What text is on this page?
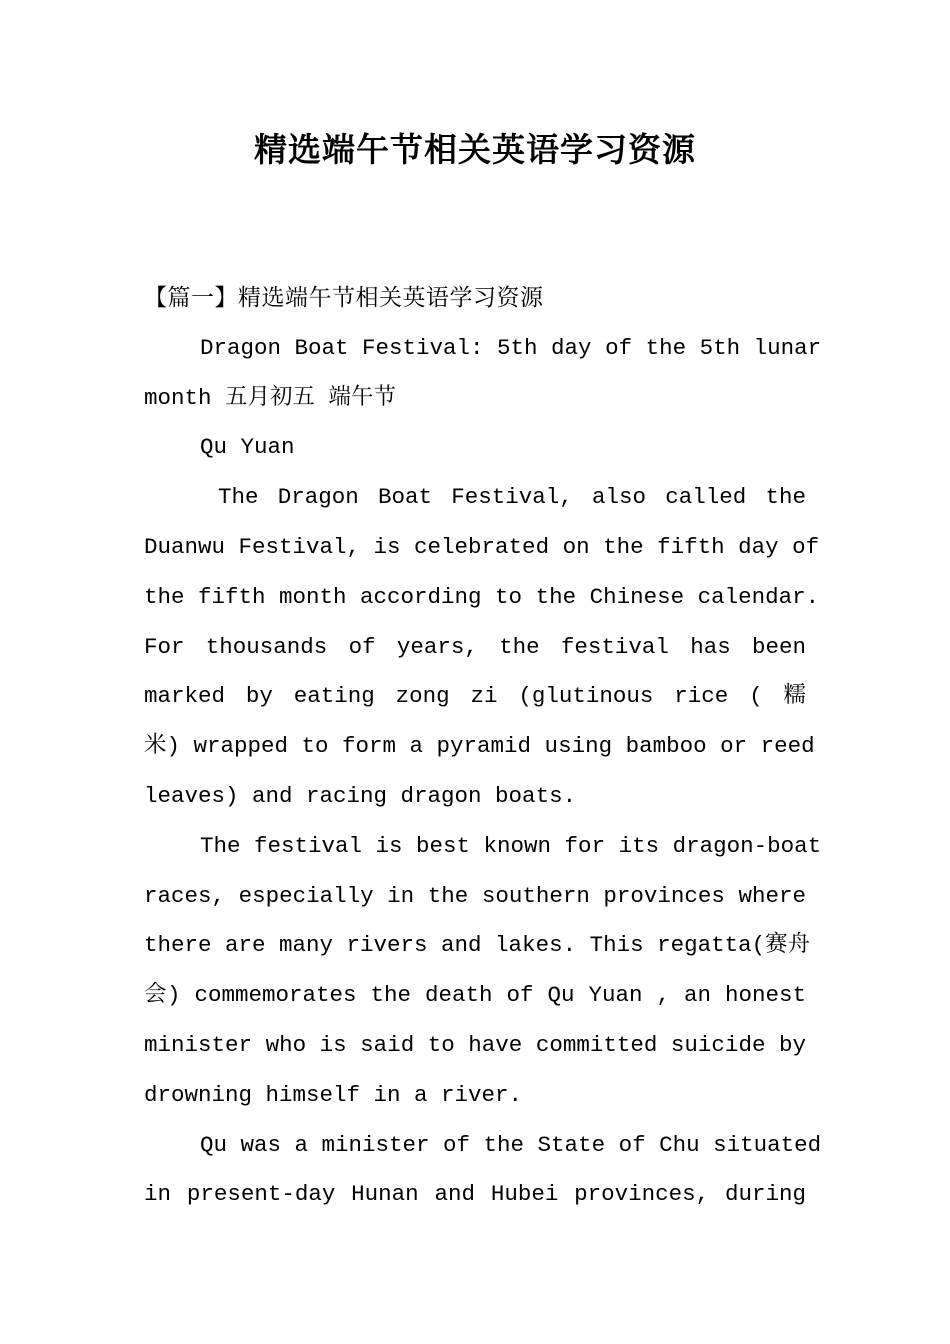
精选端午节相关英语学习资源
【篇一】精选端午节相关英语学习资源
Dragon Boat Festival: 5th day of the 5th lunar
month 五月初五 端午节
Qu Yuan
The Dragon Boat Festival, also called the
Duanwu Festival, is celebrated on the fifth day of
the fifth month according to the Chinese calendar.
For thousands of years, the festival has been
marked by eating zong zi (glutinous rice ( 糯
米) wrapped to form a pyramid using bamboo or reed
leaves) and racing dragon boats.
The festival is best known for its dragon-boat
races, especially in the southern provinces where
there are many rivers and lakes. This regatta(赛舟
会) commemorates the death of Qu Yuan , an honest
minister who is said to have committed suicide by
drowning himself in a river.
Qu was a minister of the State of Chu situated
in present-day Hunan and Hubei provinces, during
